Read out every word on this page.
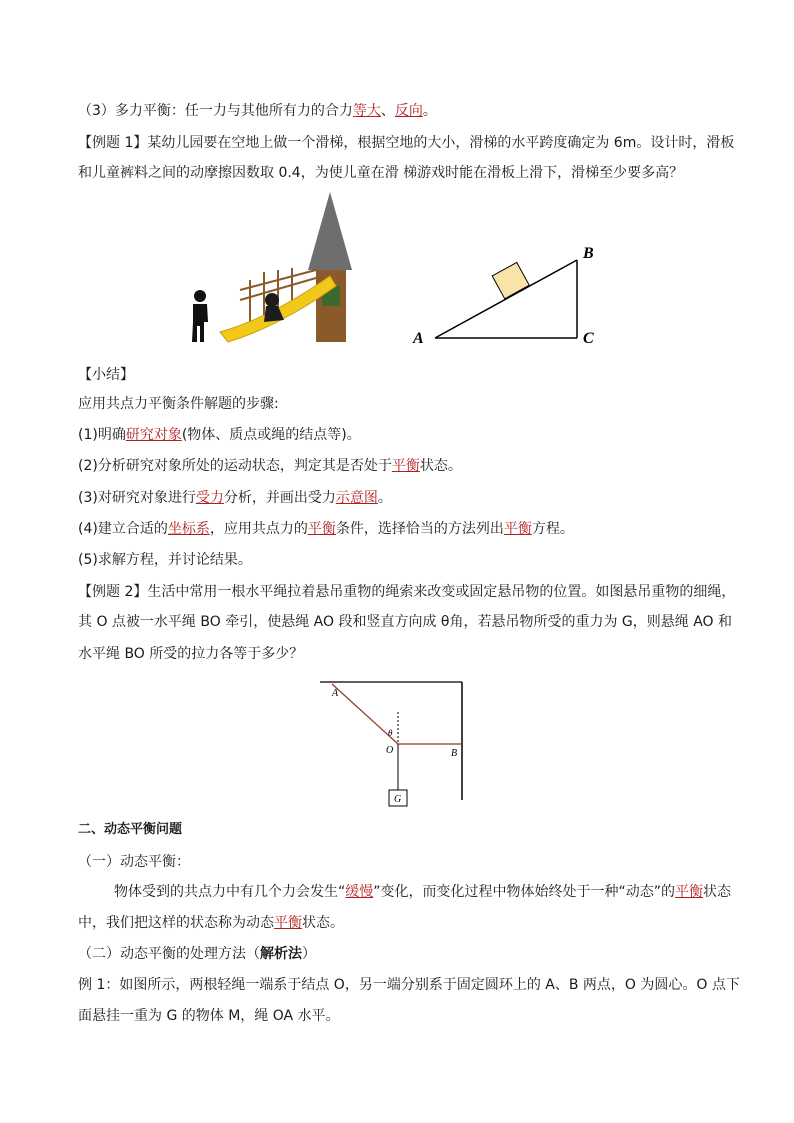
（3）多力平衡：任一力与其他所有力的合力等大、反向。
【例题 1】某幼儿园要在空地上做一个滑梯，根据空地的大小，滑梯的水平跨度确定为 6m。设计时，滑板
和儿童裤料之间的动摩擦因数取 0.4，为使儿童在滑 梯游戏时能在滑板上滑下，滑梯至少要多高？
A
B
C
【小结】
应用共点力平衡条件解题的步骤:
(1)明确研究对象(物体、质点或绳的结点等)。
(2)分析研究对象所处的运动状态，判定其是否处于平衡状态。
(3)对研究对象进行受力分析，并画出受力示意图。
(4)建立合适的坐标系，应用共点力的平衡条件，选择恰当的方法列出平衡方程。
(5)求解方程，并讨论结果。
【例题 2】生活中常用一根水平绳拉着悬吊重物的绳索来改变或固定悬吊物的位置。如图悬吊重物的细绳，
其 O 点被一水平绳 BO 牵引，使悬绳 AO 段和竖直方向成 θ角，若悬吊物所受的重力为 G，则悬绳 AO 和
水平绳 BO 所受的拉力各等于多少？
A
θ
O	B
G
二、动态平衡问题
（一）动态平衡：
物体受到的共点力中有几个力会发生“缓慢”变化，而变化过程中物体始终处于一种“动态”的平衡状态
中，我们把这样的状态称为动态平衡状态。
（二）动态平衡的处理方法（解析法）
例 1：如图所示，两根轻绳一端系于结点 O，另一端分别系于固定圆环上的 A、B 两点，O 为圆心。O 点下
面悬挂一重为 G 的物体 M，绳 OA 水平。
